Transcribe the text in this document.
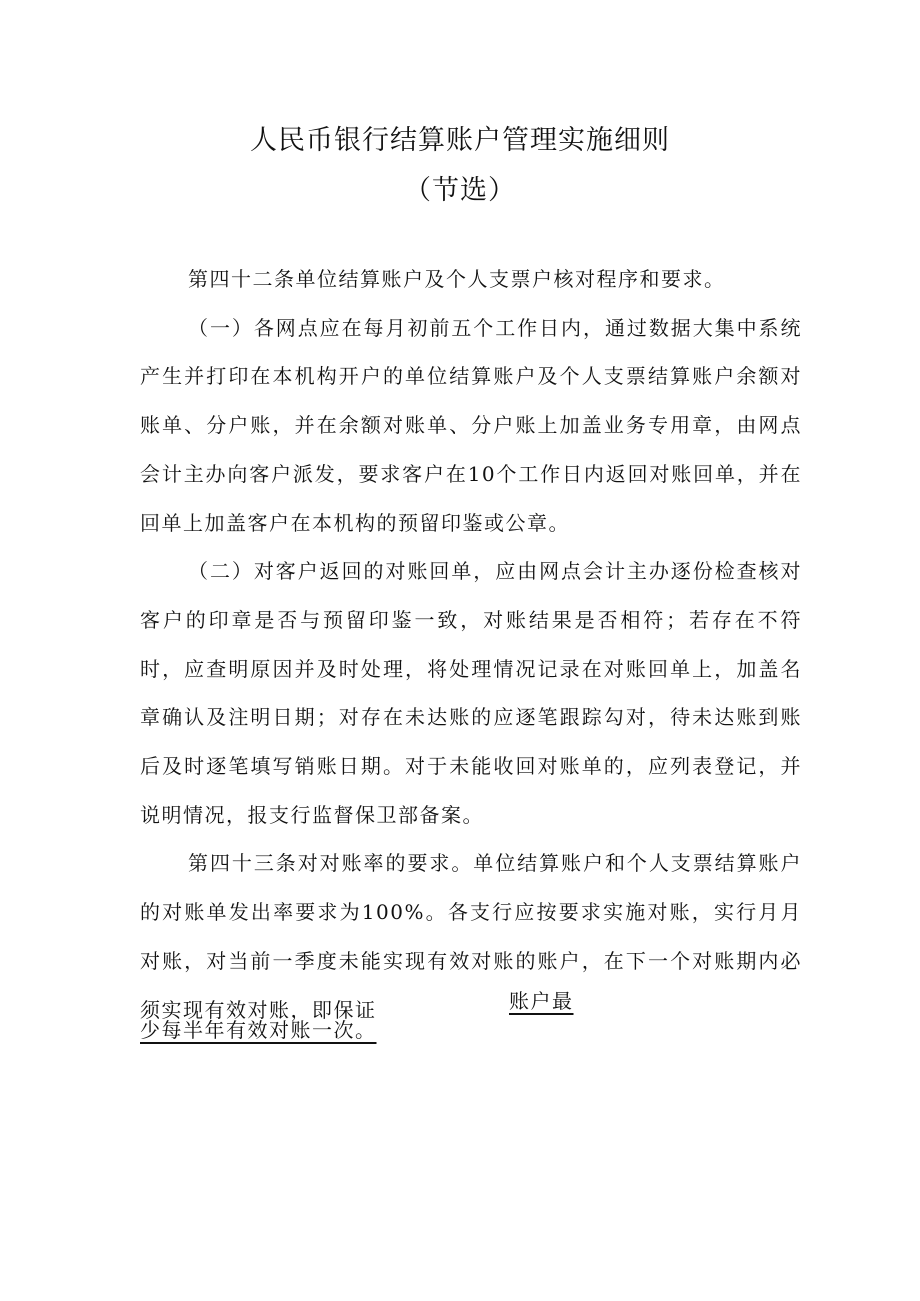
人民币银行结算账户管理实施细则
（节选）

第四十二条单位结算账户及个人支票户核对程序和要求。

（一）各网点应在每月初前五个工作日内，通过数据大集中系统产生并打印在本机构开户的单位结算账户及个人支票结算账户余额对账单、分户账，并在余额对账单、分户账上加盖业务专用章，由网点会计主办向客户派发，要求客户在10个工作日内返回对账回单，并在回单上加盖客户在本机构的预留印鉴或公章。

（二）对客户返回的对账回单，应由网点会计主办逐份检查核对客户的印章是否与预留印鉴一致，对账结果是否相符；若存在不符时，应查明原因并及时处理，将处理情况记录在对账回单上，加盖名章确认及注明日期；对存在未达账的应逐笔跟踪勾对，待未达账到账后及时逐笔填写销账日期。对于未能收回对账单的，应列表登记，并说明情况，报支行监督保卫部备案。

第四十三条对对账率的要求。单位结算账户和个人支票结算账户的对账单发出率要求为100%。各支行应按要求实施对账，实行月月对账，对当前一季度未能实现有效对账的账户，在下一个对账期内必须实现有效对账，即保证	账户最
少每半年有效对账一次。
